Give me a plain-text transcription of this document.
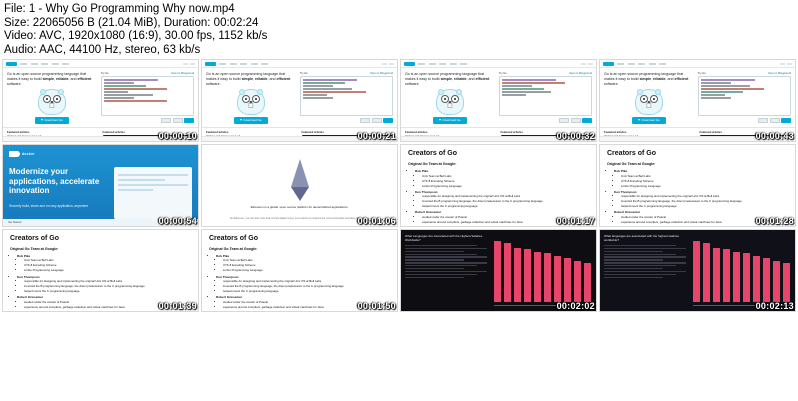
File: 1 - Why Go Programming Why now.mp4
Size: 22065056 B (21.04 MiB), Duration: 00:02:24
Video: AVC, 1920x1080 (16:9), 30.00 fps, 1152 kb/s
Audio: AAC, 44100 Hz, stereo, 63 kb/s
Go is an open source programming language that makes it easy to build simple, reliable, and efficient software.
Download Go
Try Go	Open in Playground
Featured articles	Featured articles	00:00:10
Go is an open source programming language that makes it easy to build simple, reliable, and efficient software.
Download Go
Try Go	Open in Playground
Featured articles	Featured articles	00:00:21
Go is an open source programming language that makes it easy to build simple, reliable, and efficient software.
Download Go
Try Go	Open in Playground
Featured articles	Featured articles	00:00:32
Go is an open source programming language that makes it easy to build simple, reliable, and efficient software.
Download Go
Try Go	Open in Playground
Featured articles	Featured articles	00:00:43
docker
Modernize your applications, accelerate innovation
Securely build, share and run any application, anywhere
Get Started	00:00:54
Ethereum is a global, open source platform for decentralized applications.
On Ethereum, you can write code that controls digital money, runs exactly as programmed, and is accessible anywhere in the world.
00:01:06
Creators of Go
Original Go Team at Google:
• Rob Pike
• Unix Team at Bell Labs
• UTF-8 Encoding Scheme
• Limbo Programming Language
• Ken Thompson
• responsible for designing and implementing the original Unix OS at Bell Labs
• invented the B programming language, the direct predecessor to the C programming language
• helped invent the C programming language
• Robert Griesemer
• studied under the creator of Pascal
• experience around compilers, garbage collection and virtual machines for Java	00:01:17
Creators of Go
Original Go Team at Google:
• Rob Pike
• Unix Team at Bell Labs
• UTF-8 Encoding Scheme
• Limbo Programming Language
• Ken Thompson
• responsible for designing and implementing the original Unix OS at Bell Labs
• invented the B programming language, the direct predecessor to the C programming language
• helped invent the C programming language
• Robert Griesemer
• studied under the creator of Pascal
• experience around compilers, garbage collection and virtual machines for Java	00:01:28
Creators of Go
Original Go Team at Google:
• Rob Pike
• Unix Team at Bell Labs
• UTF-8 Encoding Scheme
• Limbo Programming Language
• Ken Thompson
• responsible for designing and implementing the original Unix OS at Bell Labs
• invented the B programming language, the direct predecessor to the C programming language
• helped invent the C programming language
• Robert Griesemer
• studied under the creator of Pascal
• experience around compilers, garbage collection and virtual machines for Java	00:01:39
Creators of Go
Original Go Team at Google:
• Rob Pike
• Unix Team at Bell Labs
• UTF-8 Encoding Scheme
• Limbo Programming Language
• Ken Thompson
• responsible for designing and implementing the original Unix OS at Bell Labs
• invented the B programming language, the direct predecessor to the C programming language
• helped invent the C programming language
• Robert Griesemer
• studied under the creator of Pascal
• experience around compilers, garbage collection and virtual machines for Java	00:01:50
What Languages Are Associated with the Highest Salaries Worldwide?
00:02:02
What languages are associated with the highest salaries worldwide?
00:02:13
